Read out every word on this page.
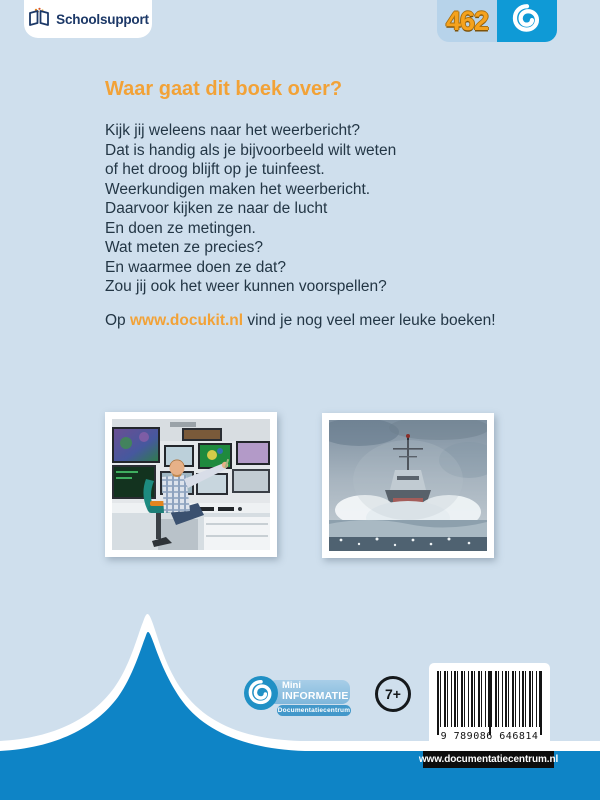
Schoolsupport	462
Waar gaat dit boek over?
Kijk jij weleens naar het weerbericht?
Dat is handig als je bijvoorbeeld wilt weten
of het droog blijft op je tuinfeest.
Weerkundigen maken het weerbericht.
Daarvoor kijken ze naar de lucht
En doen ze metingen.
Wat meten ze precies?
En waarmee doen ze dat?
Zou jij ook het weer kunnen voorspellen?
Op www.docukit.nl vind je nog veel meer leuke boeken!
Mini
INFORMATIE
Documentatiecentrum
7+
9 789086 646814
www.documentatiecentrum.nl
